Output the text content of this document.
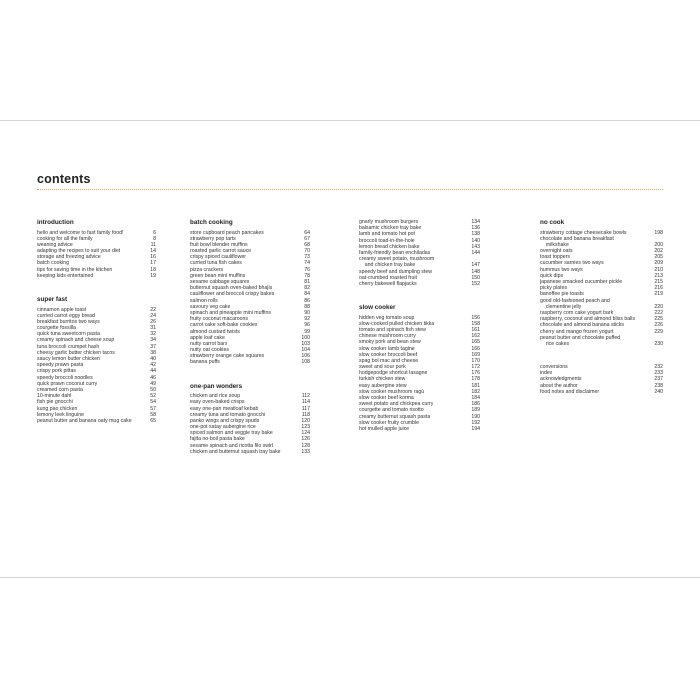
contents
introduction
hello and welcome to fast family food!	6
cooking for all the family	8
weaning advice	11
adapting the recipes to suit your diet	14
storage and freezing advice	16
batch cooking	17
tips for saving time in the kitchen	18
keeping kids entertained	19
super fast
cinnamon apple toast	22
curried carrot eggy bread	24
breakfast burritos two ways	26
courgette fossilla	31
quick tuna sweetcorn pasta	32
creamy spinach and cheese soup	34
tuna broccoli crumpet hash	37
cheesy garlic butter chicken tacos	38
saucy lemon butter chicken	40
speedy prawn pasta	42
crispy pork pittas	44
speedy broccoli noodles	46
quick prawn coconut curry	49
creamed corn pasta	50
10-minute dahl	52
fish pie gnocchi	54
kung pao chicken	57
lemony leek linguine	58
peanut butter and banana oaty mug cake	65
batch cooking
store cupboard peach pancakes	64
strawberry pop tarts	67
fruit bowl blender muffins	68
roasted garlic carrot sauce	70
crispy spiced cauliflower	73
curried tuna fish cakes	74
pizza crackers	76
green bean mini muffins	78
sesame cabbage squares	81
butternut squash oven-baked bhajis	82
cauliflower and broccoli crispy bakes	84
salmon rolls	86
savoury veg cake	88
spinach and pineapple mini muffins	90
fruity coconut macaroons	92
carrot cake soft-bake cookies	96
almond custard twists	99
apple loaf cake	100
nutty carrot bars	103
nutty oat cookies	104
strawberry orange cake squares	106
banana puffs	108
one-pan wonders
chicken and rice soup	112
easy oven-baked crisps	114
easy one-pan meatloaf kebab	117
creamy tuna and tomato gnocchi	118
panko wings and crispy spuds	120
one-pot satay aubergine rice	123
spiced salmon and veggie tray bake	124
fajita no-boil pasta bake	126
sesame spinach and ricotta filo swirl	128
chicken and butternut squash tray bake	133
gnarly mushroom burgers	134
balsamic chicken tray bake	136
lamb and tomato hot pot	138
broccoli toad-in-the-hole	140
lemon bread chicken bake	143
family-friendly bean enchiladas	144
creamy sweet potato, mushroom
and chicken tray bake	147
speedy beef and dumpling stew	148
oat-crumbed roasted fruit	150
cherry bakewell flapjacks	152
slow cooker
hidden veg tomato soup	156
slow-cooked pulled chicken tikka	158
tomato and spinach fish stew	161
chinese mushroom curry	162
smoky pork and bean stew	165
slow cooker lamb tagine	166
slow cooker broccoli beef	169
spag bol mac and cheese	170
sweet and sour pork	172
hodgepodge shortcut lasagne	176
turkish chicken stew	178
easy aubergine stew	181
slow cooker mushroom ragù	182
slow cooker beef korma	184
sweet potato and chickpea curry	186
courgette and tomato risotto	189
creamy butternut squash pasta	190
slow cooker fruity crumble	192
hot mulled apple juice	194
no cook
strawberry cottage cheesecake bowls	198
chocolate and banana breakfast
milkshake	200
overnight oats	202
toast toppers	205
cucumber sarnies two ways	209
hummus two ways	210
quick dips	213
japanese smacked cucumber pickle	215
picky plates	216
banoffee pie toasts	219
good old-fashioned peach and
clementine jelly	220
raspberry corn cake yogurt bark	222
raspberry, coconut and almond bliss balls	225
chocolate and almond banana sticks	226
cherry and mango frozen yogurt	229
peanut butter and chocolate puffed
rice cakes	230
conversions	232
index	233
acknowledgments	237
about the author	238
food notes and disclaimer	240
